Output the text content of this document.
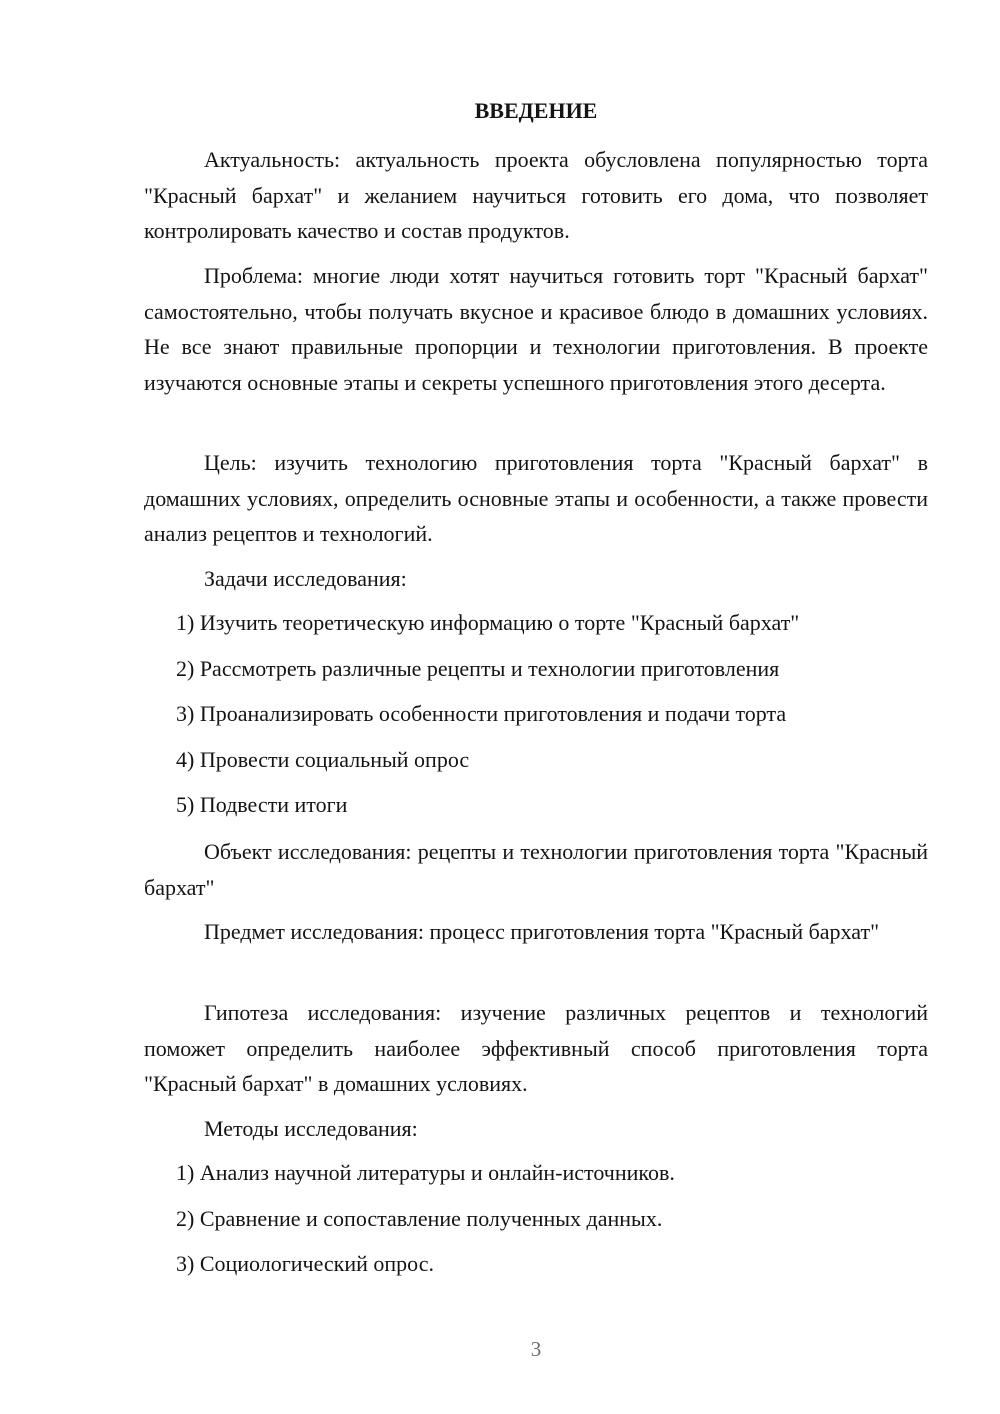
ВВЕДЕНИЕ

Актуальность: актуальность проекта обусловлена популярностью торта "Красный бархат" и желанием научиться готовить его дома, что позволяет контролировать качество и состав продуктов.

Проблема: многие люди хотят научиться готовить торт "Красный бархат" самостоятельно, чтобы получать вкусное и красивое блюдо в домашних условиях. Не все знают правильные пропорции и технологии приготовления. В проекте изучаются основные этапы и секреты успешного приготовления этого десерта.

Цель: изучить технологию приготовления торта "Красный бархат" в домашних условиях, определить основные этапы и особенности, а также провести анализ рецептов и технологий.

Задачи исследования:

1) Изучить теоретическую информацию о торте "Красный бархат"

2) Рассмотреть различные рецепты и технологии приготовления

3) Проанализировать особенности приготовления и подачи торта

4) Провести социальный опрос

5) Подвести итоги

Объект исследования: рецепты и технологии приготовления торта "Красный бархат"

Предмет исследования: процесс приготовления торта "Красный бархат"

Гипотеза исследования: изучение различных рецептов и технологий поможет определить наиболее эффективный способ приготовления торта "Красный бархат" в домашних условиях.

Методы исследования:

1) Анализ научной литературы и онлайн-источников.

2) Сравнение и сопоставление полученных данных.

3) Социологический опрос.

3
